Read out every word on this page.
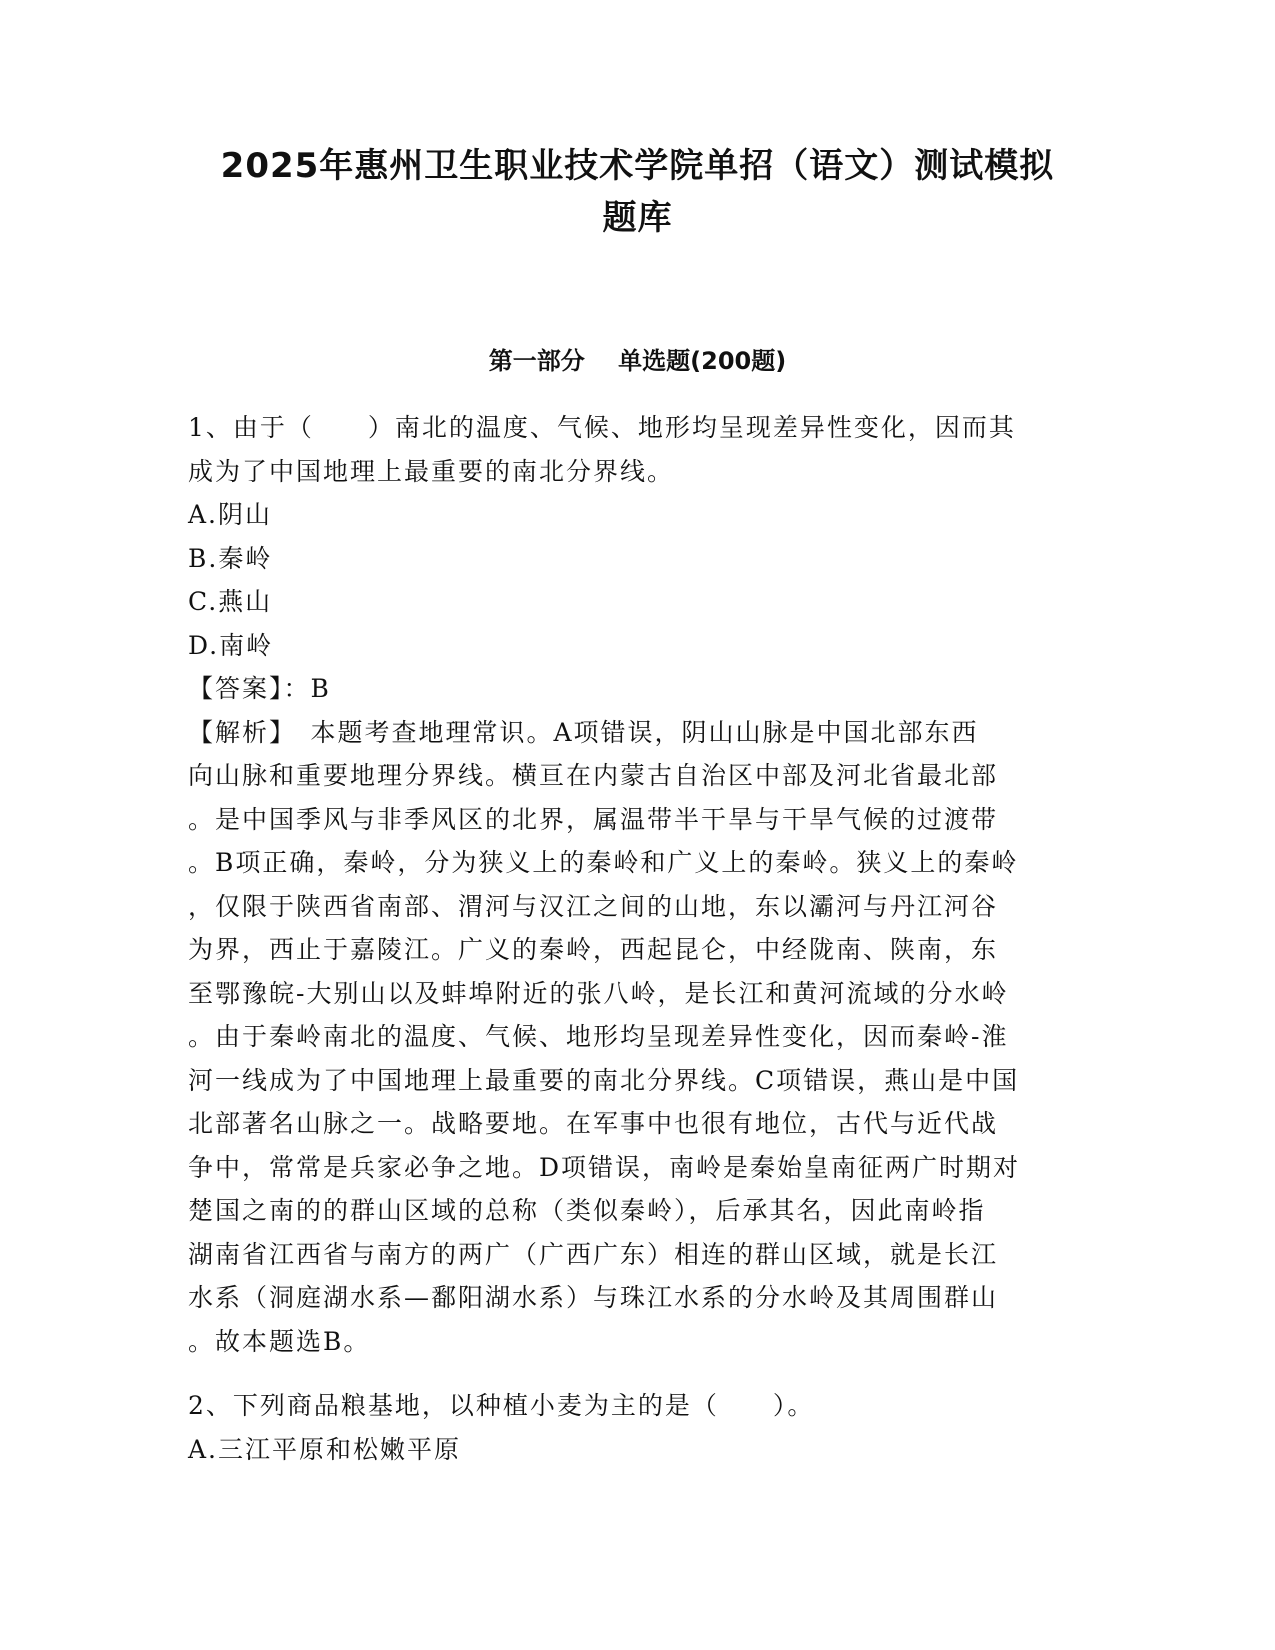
2025年惠州卫生职业技术学院单招（语文）测试模拟
题库
第一部分    单选题(200题)
1、由于（　　）南北的温度、气候、地形均呈现差异性变化，因而其
成为了中国地理上最重要的南北分界线。
A.阴山
B.秦岭
C.燕山
D.南岭
【答案】：B
【解析】　本题考查地理常识。A项错误，阴山山脉是中国北部东西
向山脉和重要地理分界线。横亘在内蒙古自治区中部及河北省最北部
。是中国季风与非季风区的北界，属温带半干旱与干旱气候的过渡带
。B项正确，秦岭，分为狭义上的秦岭和广义上的秦岭。狭义上的秦岭
，仅限于陕西省南部、渭河与汉江之间的山地，东以灞河与丹江河谷
为界，西止于嘉陵江。广义的秦岭，西起昆仑，中经陇南、陕南，东
至鄂豫皖-大别山以及蚌埠附近的张八岭，是长江和黄河流域的分水岭
。由于秦岭南北的温度、气候、地形均呈现差异性变化，因而秦岭-淮
河一线成为了中国地理上最重要的南北分界线。C项错误，燕山是中国
北部著名山脉之一。战略要地。在军事中也很有地位，古代与近代战
争中，常常是兵家必争之地。D项错误，南岭是秦始皇南征两广时期对
楚国之南的的群山区域的总称（类似秦岭），后承其名，因此南岭指
湖南省江西省与南方的两广（广西广东）相连的群山区域，就是长江
水系（洞庭湖水系—鄱阳湖水系）与珠江水系的分水岭及其周围群山
。故本题选B。
2、下列商品粮基地，以种植小麦为主的是（　　）。
A.三江平原和松嫩平原
